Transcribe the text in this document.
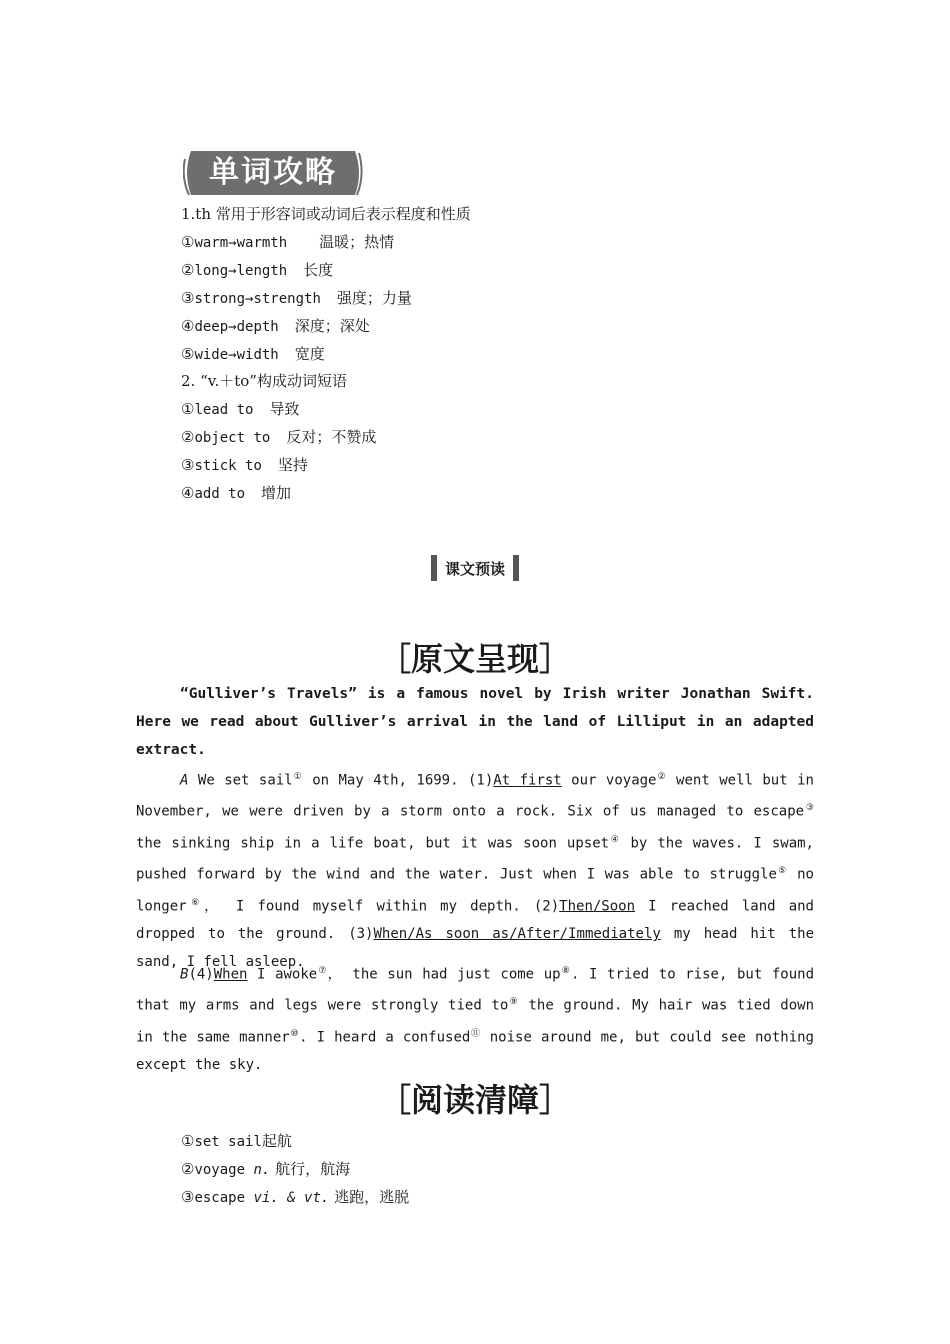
单词攻略
1.th 常用于形容词或动词后表示程度和性质
①warm→warmth 温暖；热情
②long→length 长度
③strong→strength 强度；力量
④deep→depth 深度；深处
⑤wide→width 宽度
2. “v.＋to”构成动词短语
①lead to 导致
②object to 反对；不赞成
③stick to 坚持
④add to 增加
课文预读
［原文呈现］
“Gulliver’s Travels” is a famous novel by Irish writer Jonathan Swift. Here we read about Gulliver’s arrival in the land of Lilliput in an adapted extract.
A We set sail① on May 4th, 1699. (1)At first our voyage② went well but in November, we were driven by a storm onto a rock. Six of us managed to escape③ the sinking ship in a life boat, but it was soon upset④ by the waves. I swam, pushed forward by the wind and the water. Just when I was able to struggle⑤ no longer⑥， I found myself within my depth. (2)Then/Soon I reached land and dropped to the ground. (3)When/As soon as/After/Immediately my head hit the sand, I fell asleep.
B(4)When I awoke⑦， the sun had just come up⑧. I tried to rise, but found that my arms and legs were strongly tied to⑨ the ground. My hair was tied down in the same manner⑩. I heard a confused⑪ noise around me, but could see nothing except the sky.
［阅读清障］
①set sail起航
②voyage n. 航行，航海
③escape vi. & vt. 逃跑，逃脱
